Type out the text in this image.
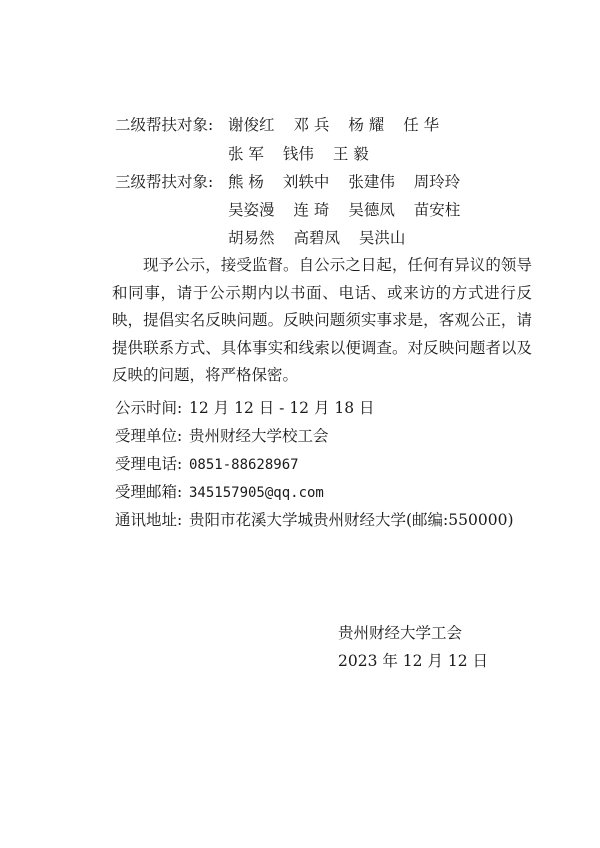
二级帮扶对象: 谢俊红 邓 兵 杨 耀 任 华
张 军 钱伟 王 毅
三级帮扶对象: 熊 杨 刘轶中 张建伟 周玲玲
吴姿漫 连 琦 吴德凤 苗安柱
胡易然 高碧凤 吴洪山

现予公示，接受监督。自公示之日起，任何有异议的领导和同事，请于公示期内以书面、电话、或来访的方式进行反映，提倡实名反映问题。反映问题须实事求是，客观公正，请提供联系方式、具体事实和线索以便调查。对反映问题者以及反映的问题，将严格保密。

公示时间: 12 月 12 日 - 12 月 18 日
受理单位: 贵州财经大学校工会
受理电话: 0851-88628967
受理邮箱: 345157905@qq.com
通讯地址: 贵阳市花溪大学城贵州财经大学(邮编:550000)
贵州财经大学工会
2023 年 12 月 12 日
